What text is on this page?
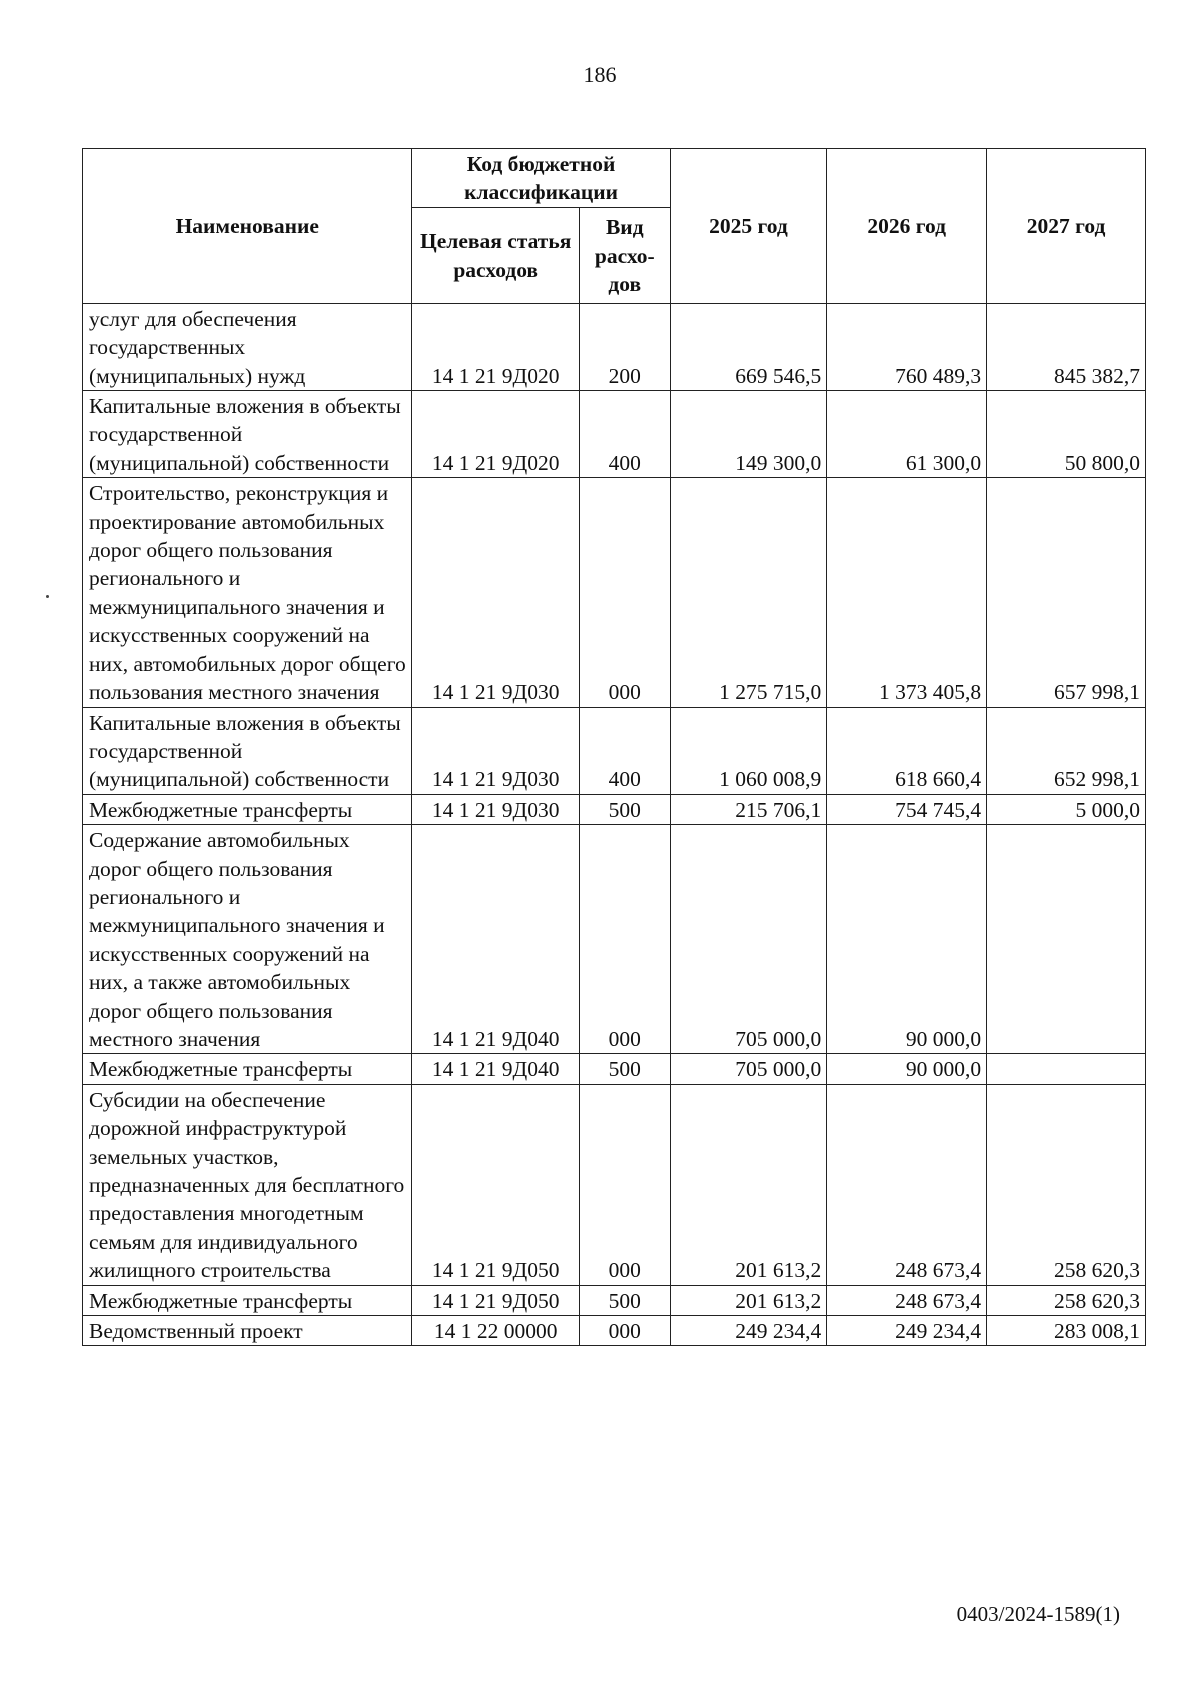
186
Наименование	Код бюджетной классификации		2025 год	2026 год	2027 год
	Целевая статья расходов	Вид расхо-дов			
услуг для обеспечения государственных (муниципальных) нужд	14 1 21 9Д020	200	669 546,5	760 489,3	845 382,7
Капитальные вложения в объекты государственной (муниципальной) собственности	14 1 21 9Д020	400	149 300,0	61 300,0	50 800,0
Строительство, реконструкция и проектирование автомобильных дорог общего пользования регионального и межмуниципального значения и искусственных сооружений на них, автомобильных дорог общего пользования местного значения	14 1 21 9Д030	000	1 275 715,0	1 373 405,8	657 998,1
Капитальные вложения в объекты государственной (муниципальной) собственности	14 1 21 9Д030	400	1 060 008,9	618 660,4	652 998,1
Межбюджетные трансферты	14 1 21 9Д030	500	215 706,1	754 745,4	5 000,0
Содержание автомобильных дорог общего пользования регионального и межмуниципального значения и искусственных сооружений на них, а также автомобильных дорог общего пользования местного значения	14 1 21 9Д040	000	705 000,0	90 000,0	
Межбюджетные трансферты	14 1 21 9Д040	500	705 000,0	90 000,0	
Субсидии на обеспечение дорожной инфраструктурой земельных участков, предназначенных для бесплатного предоставления многодетным семьям для индивидуального жилищного строительства	14 1 21 9Д050	000	201 613,2	248 673,4	258 620,3
Межбюджетные трансферты	14 1 21 9Д050	500	201 613,2	248 673,4	258 620,3
Ведомственный проект	14 1 22 00000	000	249 234,4	249 234,4	283 008,1
0403/2024-1589(1)
